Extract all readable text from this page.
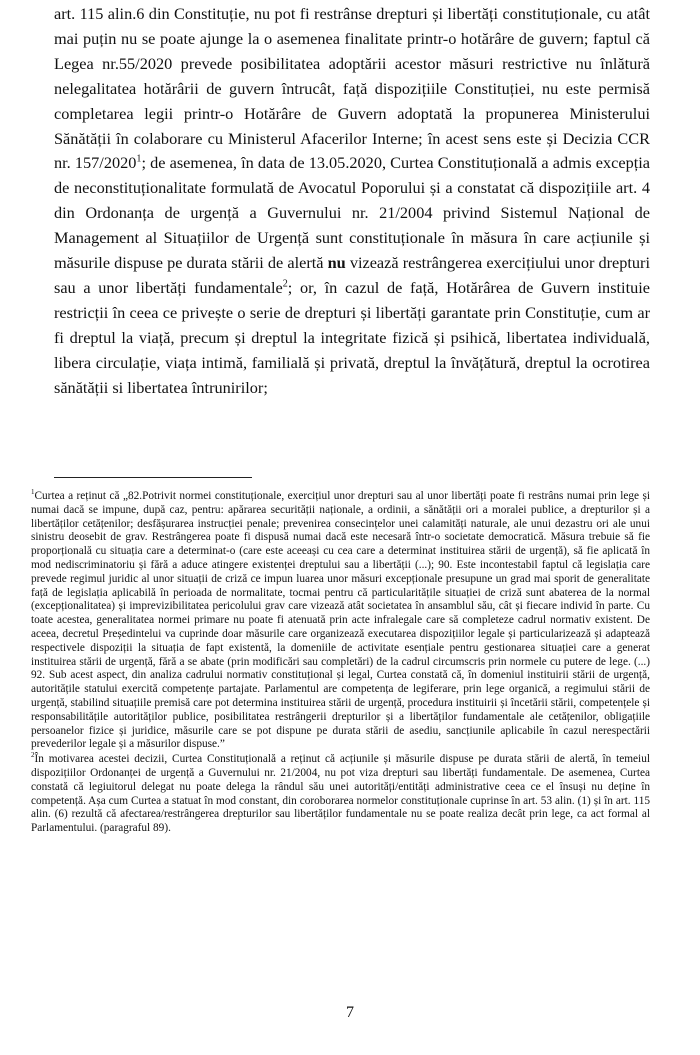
art. 115 alin.6 din Constituție, nu pot fi restrânse drepturi și libertăți constituționale, cu atât mai puțin nu se poate ajunge la o asemenea finalitate printr-o hotărâre de guvern; faptul că Legea nr.55/2020 prevede posibilitatea adoptării acestor măsuri restrictive nu înlătură nelegalitatea hotărârii de guvern întrucât, față dispozițiile Constituției, nu este permisă completarea legii printr-o Hotărâre de Guvern adoptată la propunerea Ministerului Sănătății în colaborare cu Ministerul Afacerilor Interne; în acest sens este și Decizia CCR nr. 157/2020$^1$; de asemenea, în data de 13.05.2020, Curtea Constituțională a admis excepția de neconstituționalitate formulată de Avocatul Poporului și a constatat că dispozițiile art. 4 din Ordonanța de urgență a Guvernului nr. 21/2004 privind Sistemul Național de Management al Situațiilor de Urgență sunt constituționale în măsura în care acțiunile și măsurile dispuse pe durata stării de alertă nu vizează restrângerea exercițiului unor drepturi sau a unor libertăți fundamentale$^2$; or, în cazul de față, Hotărârea de Guvern instituie restricții în ceea ce privește o serie de drepturi și libertăți garantate prin Constituție, cum ar fi dreptul la viață, precum și dreptul la integritate fizică și psihică, libertatea individuală, libera circulație, viața intimă, familială și privată, dreptul la învățătură, dreptul la ocrotirea sănătății si libertatea întrunirilor;

$^1$Curtea a reținut că „82.Potrivit normei constituționale, exercițiul unor drepturi sau al unor libertăți poate fi restrâns numai prin lege și numai dacă se impune, după caz, pentru: apărarea securității naționale, a ordinii, a sănătății ori a moralei publice, a drepturilor și a libertăților cetățenilor; desfășurarea instrucției penale; prevenirea consecințelor unei calamități naturale, ale unui dezastru ori ale unui sinistru deosebit de grav. Restrângerea poate fi dispusă numai dacă este necesară într-o societate democratică. Măsura trebuie să fie proporțională cu situația care a determinat-o (care este aceeași cu cea care a determinat instituirea stării de urgență), să fie aplicată în mod nediscriminatoriu și fără a aduce atingere existenței dreptului sau a libertății (...); 90. Este incontestabil faptul că legislația care prevede regimul juridic al unor situații de criză ce impun luarea unor măsuri excepționale presupune un grad mai sporit de generalitate față de legislația aplicabilă în perioada de normalitate, tocmai pentru că particularitățile situației de criză sunt abaterea de la normal (excepționalitatea) și imprevizibilitatea pericolului grav care vizează atât societatea în ansamblul său, cât și fiecare individ în parte. Cu toate acestea, generalitatea normei primare nu poate fi atenuată prin acte infralegale care să completeze cadrul normativ existent. De aceea, decretul Președintelui va cuprinde doar măsurile care organizează executarea dispozițiilor legale și particularizează și adaptează respectivele dispoziții la situația de fapt existentă, la domeniile de activitate esențiale pentru gestionarea situației care a generat instituirea stării de urgență, fără a se abate (prin modificări sau completări) de la cadrul circumscris prin normele cu putere de lege. (...) 92. Sub acest aspect, din analiza cadrului normativ constituțional și legal, Curtea constată că, în domeniul instituirii stării de urgență, autoritățile statului exercită competențe partajate. Parlamentul are competența de legiferare, prin lege organică, a regimului stării de urgență, stabilind situațiile premisă care pot determina instituirea stării de urgență, procedura instituirii și încetării stării, competențele și responsabilitățile autorităților publice, posibilitatea restrângerii drepturilor și a libertăților fundamentale ale cetățenilor, obligațiile persoanelor fizice și juridice, măsurile care se pot dispune pe durata stării de asediu, sancțiunile aplicabile în cazul nerespectării prevederilor legale și a măsurilor dispuse.”

$^2$În motivarea acestei decizii, Curtea Constituțională a reținut că acțiunile și măsurile dispuse pe durata stării de alertă, în temeiul dispozițiilor Ordonanței de urgență a Guvernului nr. 21/2004, nu pot viza drepturi sau libertăți fundamentale. De asemenea, Curtea constată că legiuitorul delegat nu poate delega la rândul său unei autorități/entități administrative ceea ce el însuși nu deține în competență. Așa cum Curtea a statuat în mod constant, din coroborarea normelor constituționale cuprinse în art. 53 alin. (1) și în art. 115 alin. (6) rezultă că afectarea/restrângerea drepturilor sau libertăților fundamentale nu se poate realiza decât prin lege, ca act formal al Parlamentului. (paragraful 89).

7
